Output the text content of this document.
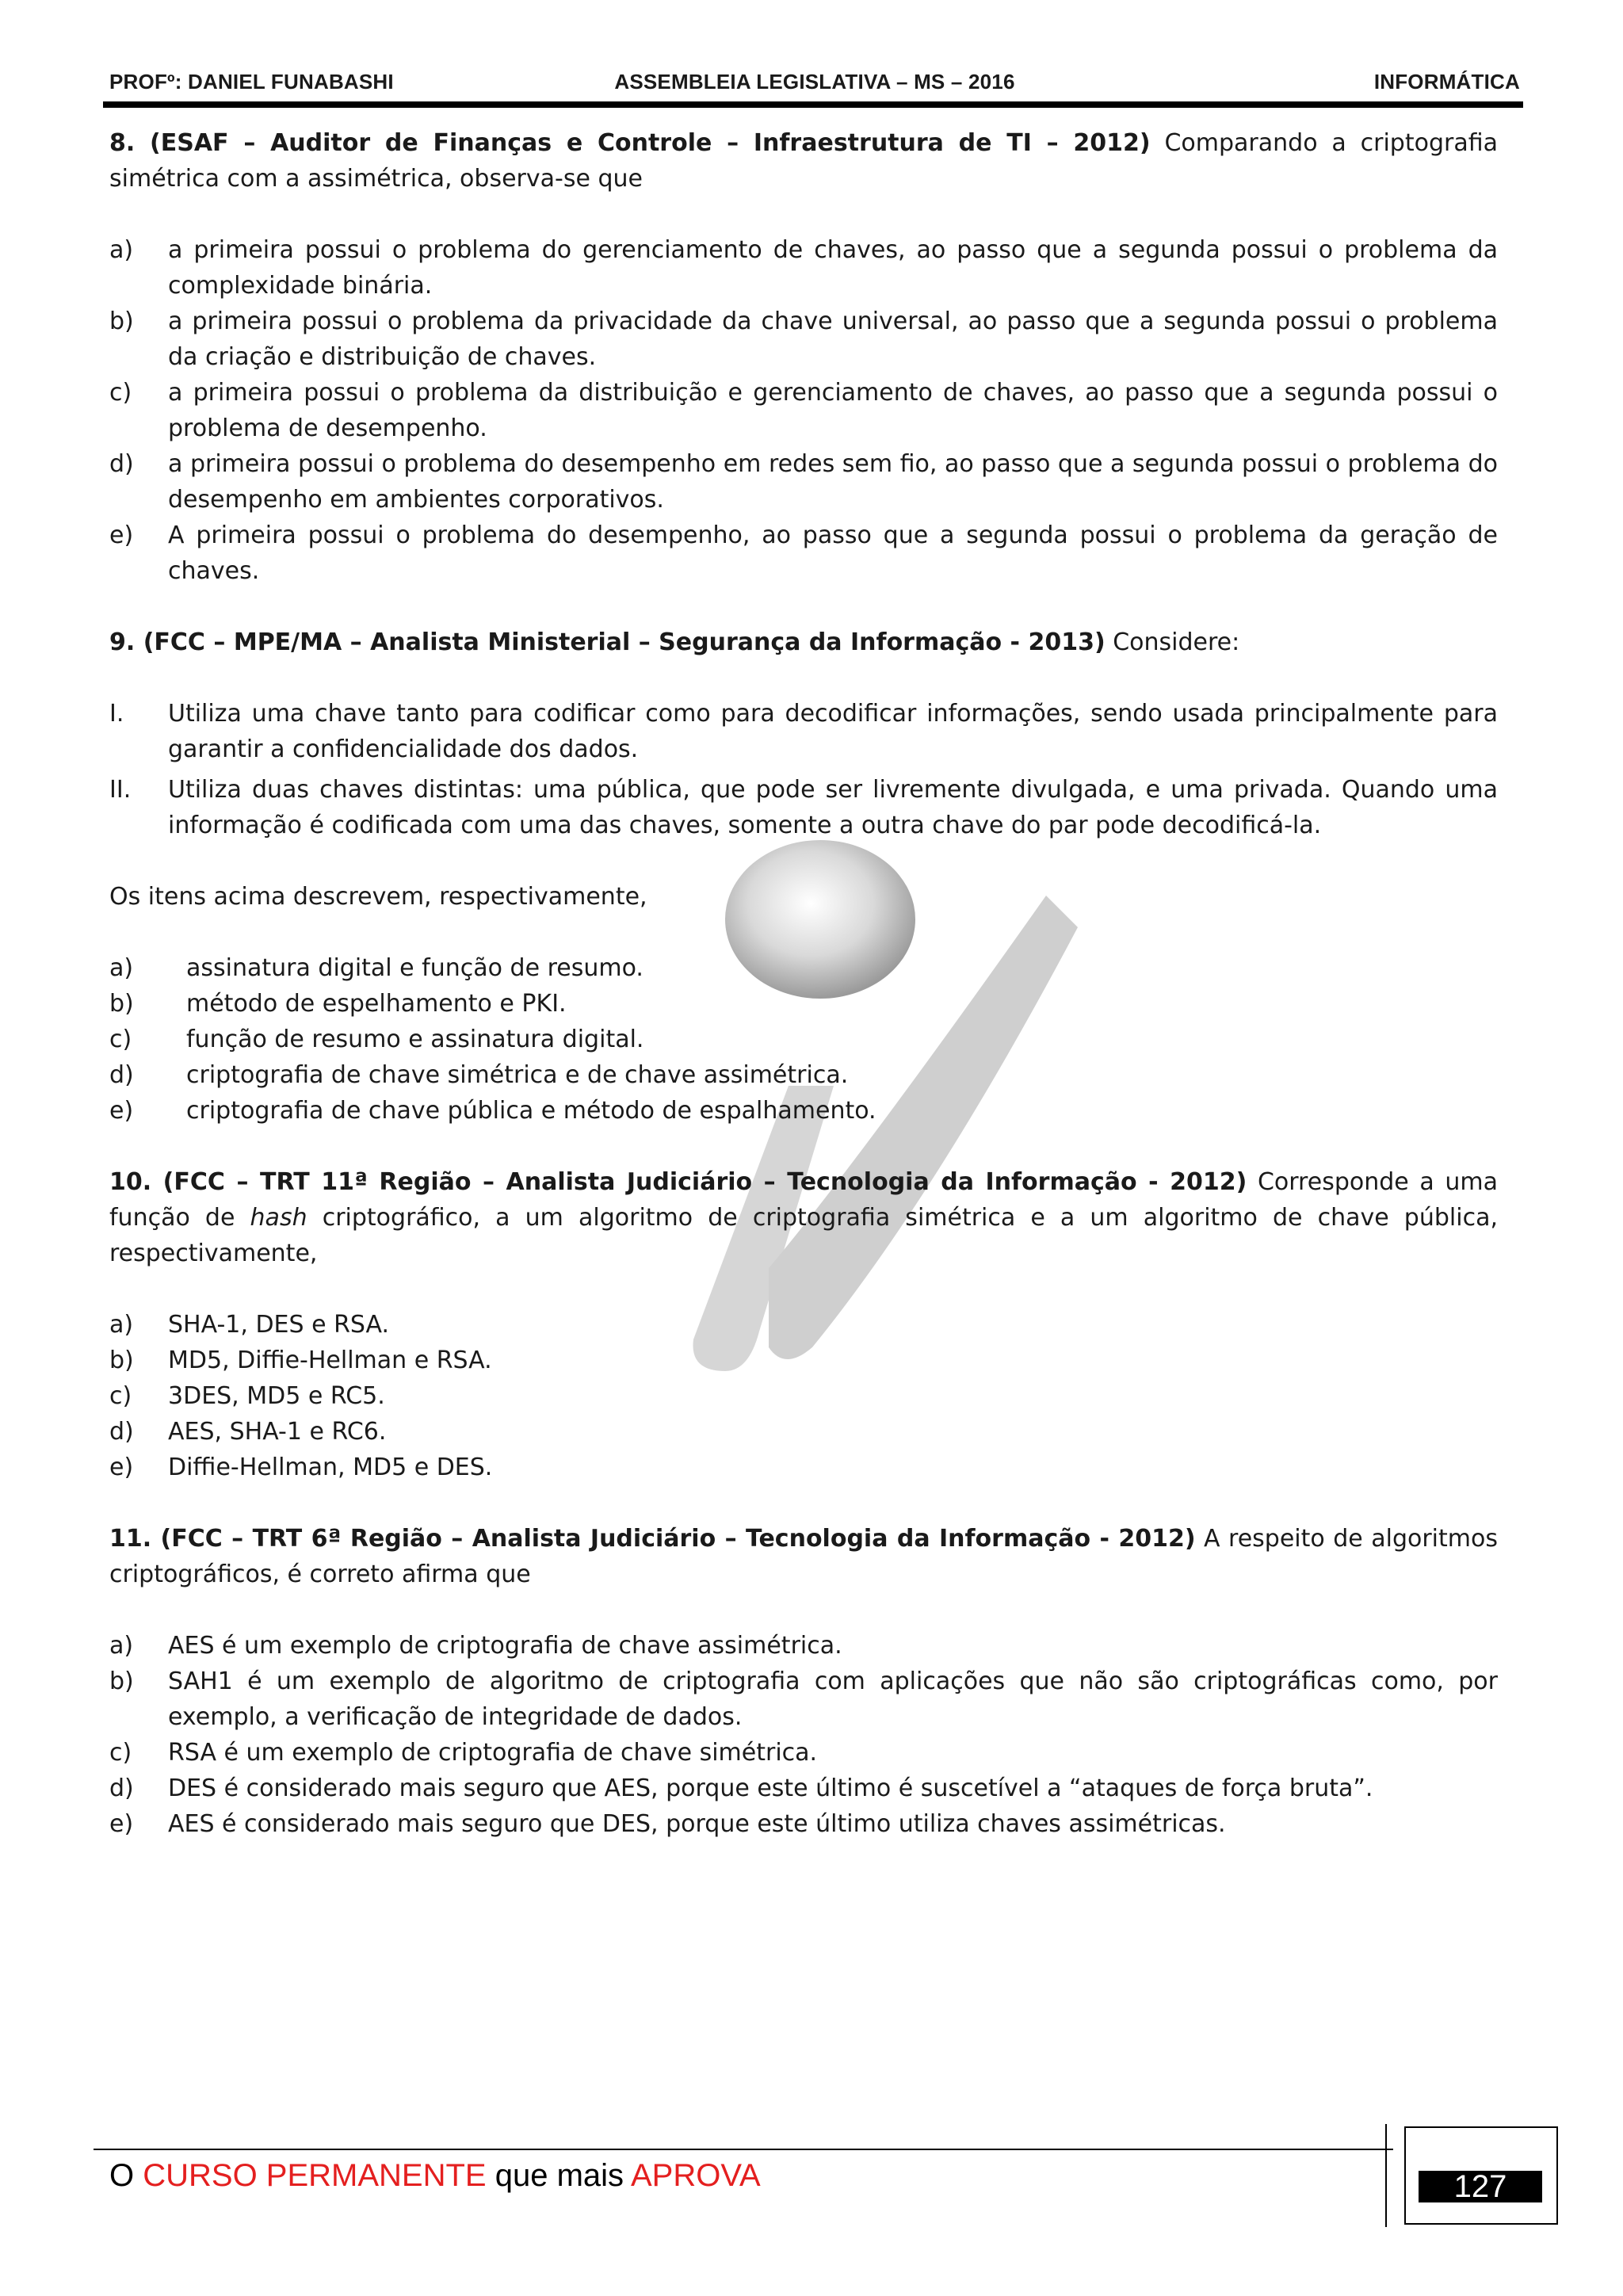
ASSEMBLEIA LEGISLATIVA – MS – 2016
PROFº: DANIEL FUNABASHI	INFORMÁTICA

8. (ESAF – Auditor de Finanças e Controle – Infraestrutura de TI – 2012) Comparando a criptografia simétrica com a assimétrica, observa-se que

a)	a primeira possui o problema do gerenciamento de chaves, ao passo que a segunda possui o problema da complexidade binária.
b)	a primeira possui o problema da privacidade da chave universal, ao passo que a segunda possui o problema da criação e distribuição de chaves.
c)	a primeira possui o problema da distribuição e gerenciamento de chaves, ao passo que a segunda possui o problema de desempenho.
d)	a primeira possui o problema do desempenho em redes sem fio, ao passo que a segunda possui o problema do desempenho em ambientes corporativos.
e)	A primeira possui o problema do desempenho, ao passo que a segunda possui o problema da geração de chaves.

9. (FCC – MPE/MA – Analista Ministerial – Segurança da Informação - 2013) Considere:

I.	Utiliza uma chave tanto para codificar como para decodificar informações, sendo usada principalmente para garantir a confidencialidade dos dados.
II.	Utiliza duas chaves distintas: uma pública, que pode ser livremente divulgada, e uma privada. Quando uma informação é codificada com uma das chaves, somente a outra chave do par pode decodificá-la.

Os itens acima descrevem, respectivamente,

a)	assinatura digital e função de resumo.
b)	método de espelhamento e PKI.
c)	função de resumo e assinatura digital.
d)	criptografia de chave simétrica e de chave assimétrica.
e)	criptografia de chave pública e método de espalhamento.

10. (FCC – TRT 11ª Região – Analista Judiciário – Tecnologia da Informação - 2012) Corresponde a uma função de hash criptográfico, a um algoritmo de criptografia simétrica e a um algoritmo de chave pública, respectivamente,

a)	SHA-1, DES e RSA.
b)	MD5, Diffie-Hellman e RSA.
c)	3DES, MD5 e RC5.
d)	AES, SHA-1 e RC6.
e)	Diffie-Hellman, MD5 e DES.

11. (FCC – TRT 6ª Região – Analista Judiciário – Tecnologia da Informação - 2012) A respeito de algoritmos criptográficos, é correto afirma que

a)	AES é um exemplo de criptografia de chave assimétrica.
b)	SAH1 é um exemplo de algoritmo de criptografia com aplicações que não são criptográficas como, por exemplo, a verificação de integridade de dados.
c)	RSA é um exemplo de criptografia de chave simétrica.
d)	DES é considerado mais seguro que AES, porque este último é suscetível a “ataques de força bruta”.
e)	AES é considerado mais seguro que DES, porque este último utiliza chaves assimétricas.
O CURSO PERMANENTE que mais APROVA	127
